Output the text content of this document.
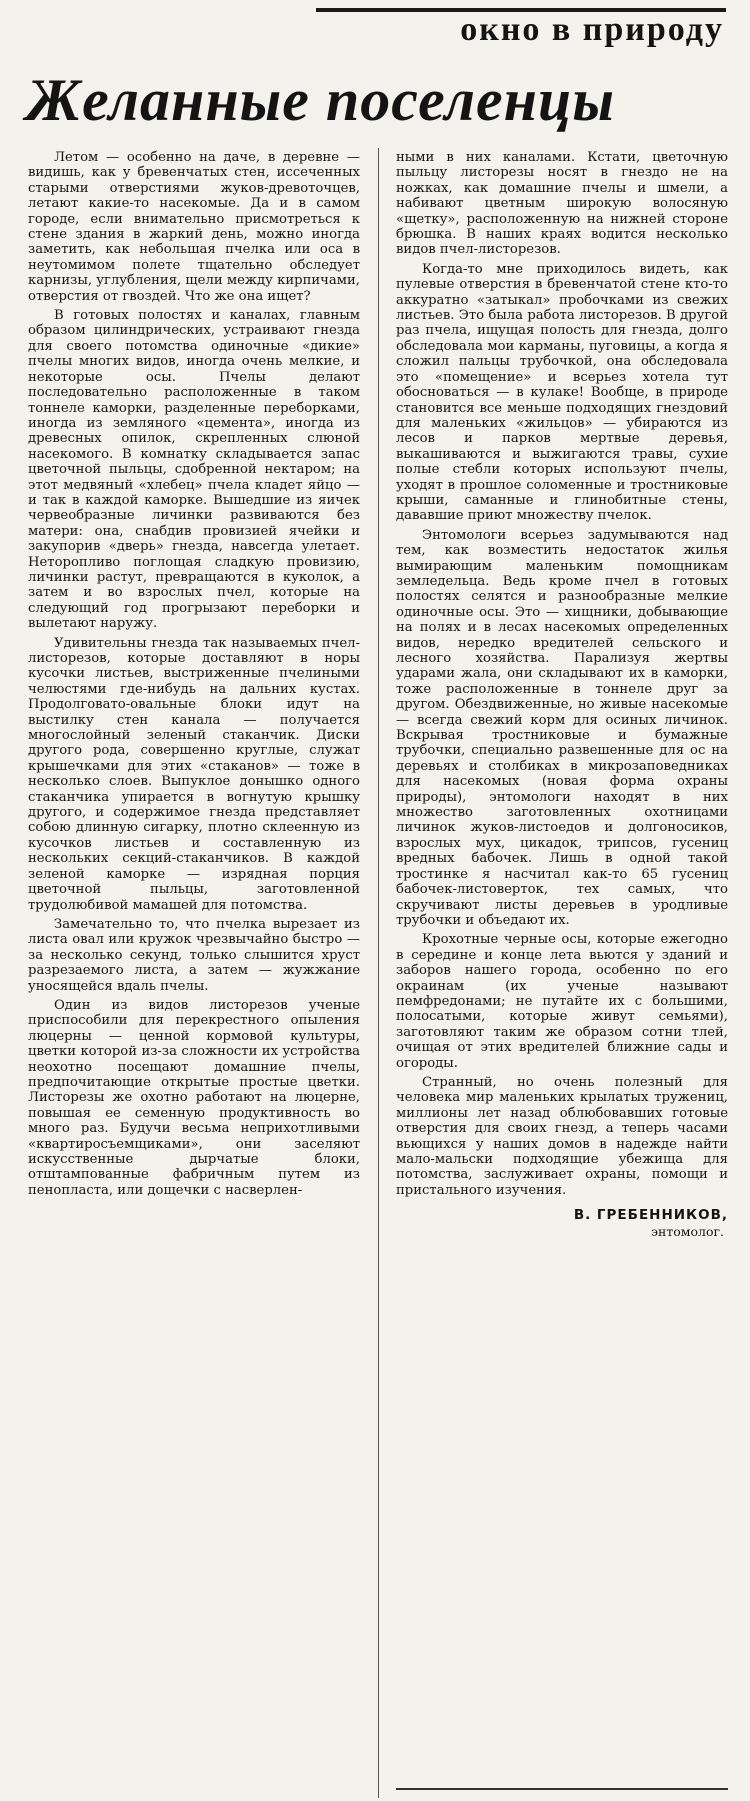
окно в природу
Желанные поселенцы

Летом — особенно на даче, в деревне — видишь, как у бревенчатых стен, иссеченных старыми отверстиями жуков-древоточцев, летают какие-то насекомые. Да и в самом городе, если внимательно присмотреться к стене здания в жаркий день, можно иногда заметить, как небольшая пчелка или оса в неутомимом полете тщательно обследует карнизы, углубления, щели между кирпичами, отверстия от гвоздей. Что же она ищет?

В готовых полостях и каналах, главным образом цилиндрических, устраивают гнезда для своего потомства одиночные «дикие» пчелы многих видов, иногда очень мелкие, и некоторые осы. Пчелы делают последовательно расположенные в таком тоннеле каморки, разделенные переборками, иногда из земляного «цемента», иногда из древесных опилок, скрепленных слюной насекомого. В комнатку складывается запас цветочной пыльцы, сдобренной нектаром; на этот медвяный «хлебец» пчела кладет яйцо — и так в каждой каморке. Вышедшие из яичек червеобразные личинки развиваются без матери: она, снабдив провизией ячейки и закупорив «дверь» гнезда, навсегда улетает. Неторопливо поглощая сладкую провизию, личинки растут, превращаются в куколок, а затем и во взрослых пчел, которые на следующий год прогрызают переборки и вылетают наружу.

Удивительны гнезда так называемых пчел-листорезов, которые доставляют в норы кусочки листьев, выстриженные пчелиными челюстями где-нибудь на дальних кустах. Продолговато-овальные блоки идут на выстилку стен канала — получается многослойный зеленый стаканчик. Диски другого рода, совершенно круглые, служат крышечками для этих «стаканов» — тоже в несколько слоев. Выпуклое донышко одного стаканчика упирается в вогнутую крышку другого, и содержимое гнезда представляет собою длинную сигарку, плотно склеенную из кусочков листьев и составленную из нескольких секций-стаканчиков. В каждой зеленой каморке — изрядная порция цветочной пыльцы, заготовленной трудолюбивой мамашей для потомства.

Замечательно то, что пчелка вырезает из листа овал или кружок чрезвычайно быстро — за несколько секунд, только слышится хруст разрезаемого листа, а затем — жужжание уносящейся вдаль пчелы.

Один из видов листорезов ученые приспособили для перекрестного опыления люцерны — ценной кормовой культуры, цветки которой из-за сложности их устройства неохотно посещают домашние пчелы, предпочитающие открытые простые цветки. Листорезы же охотно работают на люцерне, повышая ее семенную продуктивность во много раз. Будучи весьма неприхотливыми «квартиросъемщиками», они заселяют искусственные дырчатые блоки, отштампованные фабричным путем из пенопласта, или дощечки с насверлен-

ными в них каналами. Кстати, цветочную пыльцу листорезы носят в гнездо не на ножках, как домашние пчелы и шмели, а набивают цветным широкую волосяную «щетку», расположенную на нижней стороне брюшка. В наших краях водится несколько видов пчел-листорезов.

Когда-то мне приходилось видеть, как пулевые отверстия в бревенчатой стене кто-то аккуратно «затыкал» пробочками из свежих листьев. Это была работа листорезов. В другой раз пчела, ищущая полость для гнезда, долго обследовала мои карманы, пуговицы, а когда я сложил пальцы трубочкой, она обследовала это «помещение» и всерьез хотела тут обосноваться — в кулаке! Вообще, в природе становится все меньше подходящих гнездовий для маленьких «жильцов» — убираются из лесов и парков мертвые деревья, выкашиваются и выжигаются травы, сухие полые стебли которых используют пчелы, уходят в прошлое соломенные и тростниковые крыши, саманные и глинобитные стены, дававшие приют множеству пчелок.

Энтомологи всерьез задумываются над тем, как возместить недостаток жилья вымирающим маленьким помощникам земледельца. Ведь кроме пчел в готовых полостях селятся и разнообразные мелкие одиночные осы. Это — хищники, добывающие на полях и в лесах насекомых определенных видов, нередко вредителей сельского и лесного хозяйства. Парализуя жертвы ударами жала, они складывают их в каморки, тоже расположенные в тоннеле друг за другом. Обездвиженные, но живые насекомые — всегда свежий корм для осиных личинок. Вскрывая тростниковые и бумажные трубочки, специально развешенные для ос на деревьях и столбиках в микрозаповедниках для насекомых (новая форма охраны природы), энтомологи находят в них множество заготовленных охотницами личинок жуков-листоедов и долгоносиков, взрослых мух, цикадок, трипсов, гусениц вредных бабочек. Лишь в одной такой тростинке я насчитал как-то 65 гусениц бабочек-листоверток, тех самых, что скручивают листы деревьев в уродливые трубочки и объедают их.

Крохотные черные осы, которые ежегодно в середине и конце лета вьются у зданий и заборов нашего города, особенно по его окраинам (их ученые называют пемфредонами; не путайте их с большими, полосатыми, которые живут семьями), заготовляют таким же образом сотни тлей, очищая от этих вредителей ближние сады и огороды.

Странный, но очень полезный для человека мир маленьких крылатых тружениц, миллионы лет назад облюбовавших готовые отверстия для своих гнезд, а теперь часами вьющихся у наших домов в надежде найти мало-мальски подходящие убежища для потомства, заслуживает охраны, помощи и пристального изучения.

В. ГРЕБЕННИКОВ,
энтомолог.
